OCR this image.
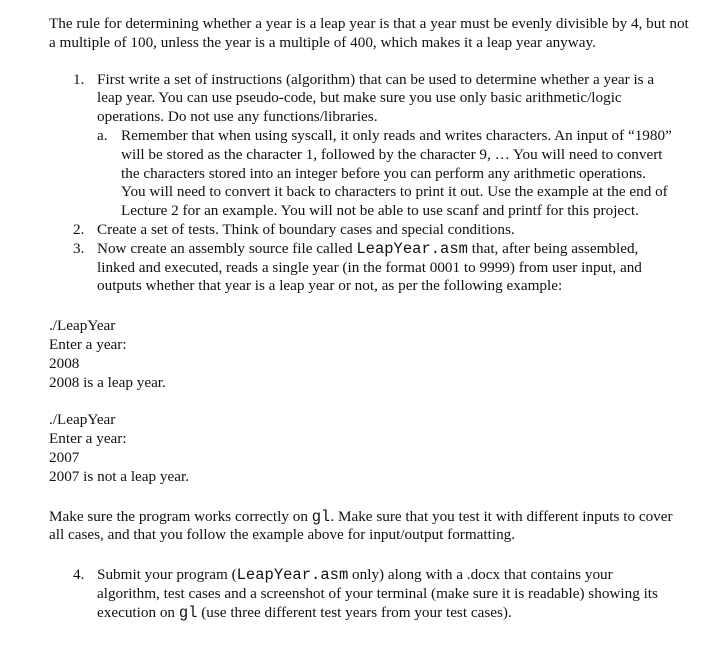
The rule for determining whether a year is a leap year is that a year must be evenly divisible by 4, but not a multiple of 100, unless the year is a multiple of 400, which makes it a leap year anyway.

1. First write a set of instructions (algorithm) that can be used to determine whether a year is a leap year. You can use pseudo-code, but make sure you use only basic arithmetic/logic operations. Do not use any functions/libraries.
a. Remember that when using syscall, it only reads and writes characters. An input of “1980” will be stored as the character 1, followed by the character 9, … You will need to convert the characters stored into an integer before you can perform any arithmetic operations. You will need to convert it back to characters to print it out. Use the example at the end of Lecture 2 for an example. You will not be able to use scanf and printf for this project.
2. Create a set of tests. Think of boundary cases and special conditions.
3. Now create an assembly source file called LeapYear.asm that, after being assembled, linked and executed, reads a single year (in the format 0001 to 9999) from user input, and outputs whether that year is a leap year or not, as per the following example:

./LeapYear

Enter a year:

2008

2008 is a leap year.

./LeapYear

Enter a year:

2007

2007 is not a leap year.

Make sure the program works correctly on gl. Make sure that you test it with different inputs to cover all cases, and that you follow the example above for input/output formatting.

4. Submit your program (LeapYear.asm only) along with a .docx that contains your algorithm, test cases and a screenshot of your terminal (make sure it is readable) showing its execution on gl (use three different test years from your test cases).
